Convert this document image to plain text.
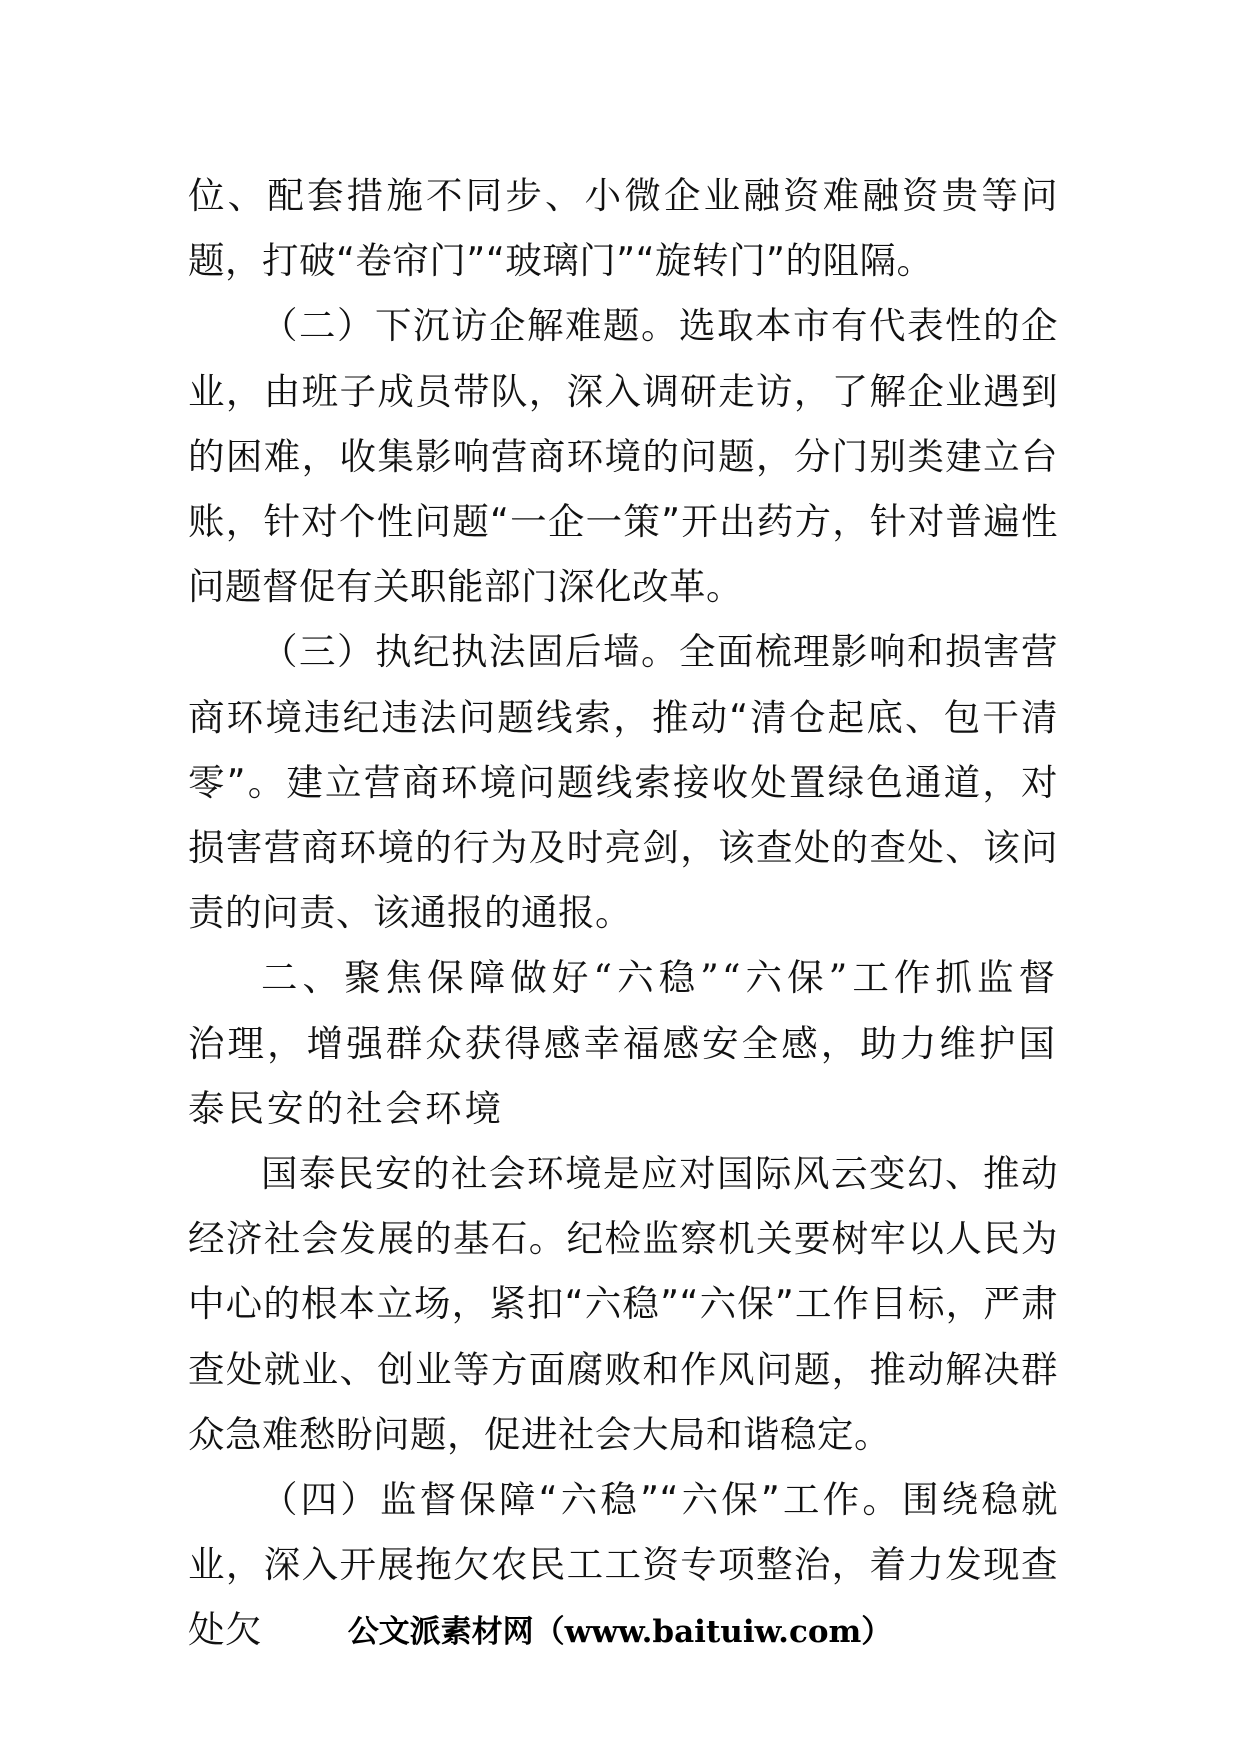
位、配套措施不同步、小微企业融资难融资贵等问题，打破“卷帘门”“玻璃门”“旋转门”的阻隔。

（二）下沉访企解难题。选取本市有代表性的企业，由班子成员带队，深入调研走访，了解企业遇到的困难，收集影响营商环境的问题，分门别类建立台账，针对个性问题“一企一策”开出药方，针对普遍性问题督促有关职能部门深化改革。

（三）执纪执法固后墙。全面梳理影响和损害营商环境违纪违法问题线索，推动“清仓起底、包干清零”。建立营商环境问题线索接收处置绿色通道，对损害营商环境的行为及时亮剑，该查处的查处、该问责的问责、该通报的通报。

二、聚焦保障做好“六稳”“六保”工作抓监督治理，增强群众获得感幸福感安全感，助力维护国泰民安的社会环境

国泰民安的社会环境是应对国际风云变幻、推动经济社会发展的基石。纪检监察机关要树牢以人民为中心的根本立场，紧扣“六稳”“六保”工作目标，严肃查处就业、创业等方面腐败和作风问题，推动解决群众急难愁盼问题，促进社会大局和谐稳定。

（四）监督保障“六稳”“六保”工作。围绕稳就业，深入开展拖欠农民工工资专项整治，着力发现查处欠	公文派素材网（www.baituiw.com）
